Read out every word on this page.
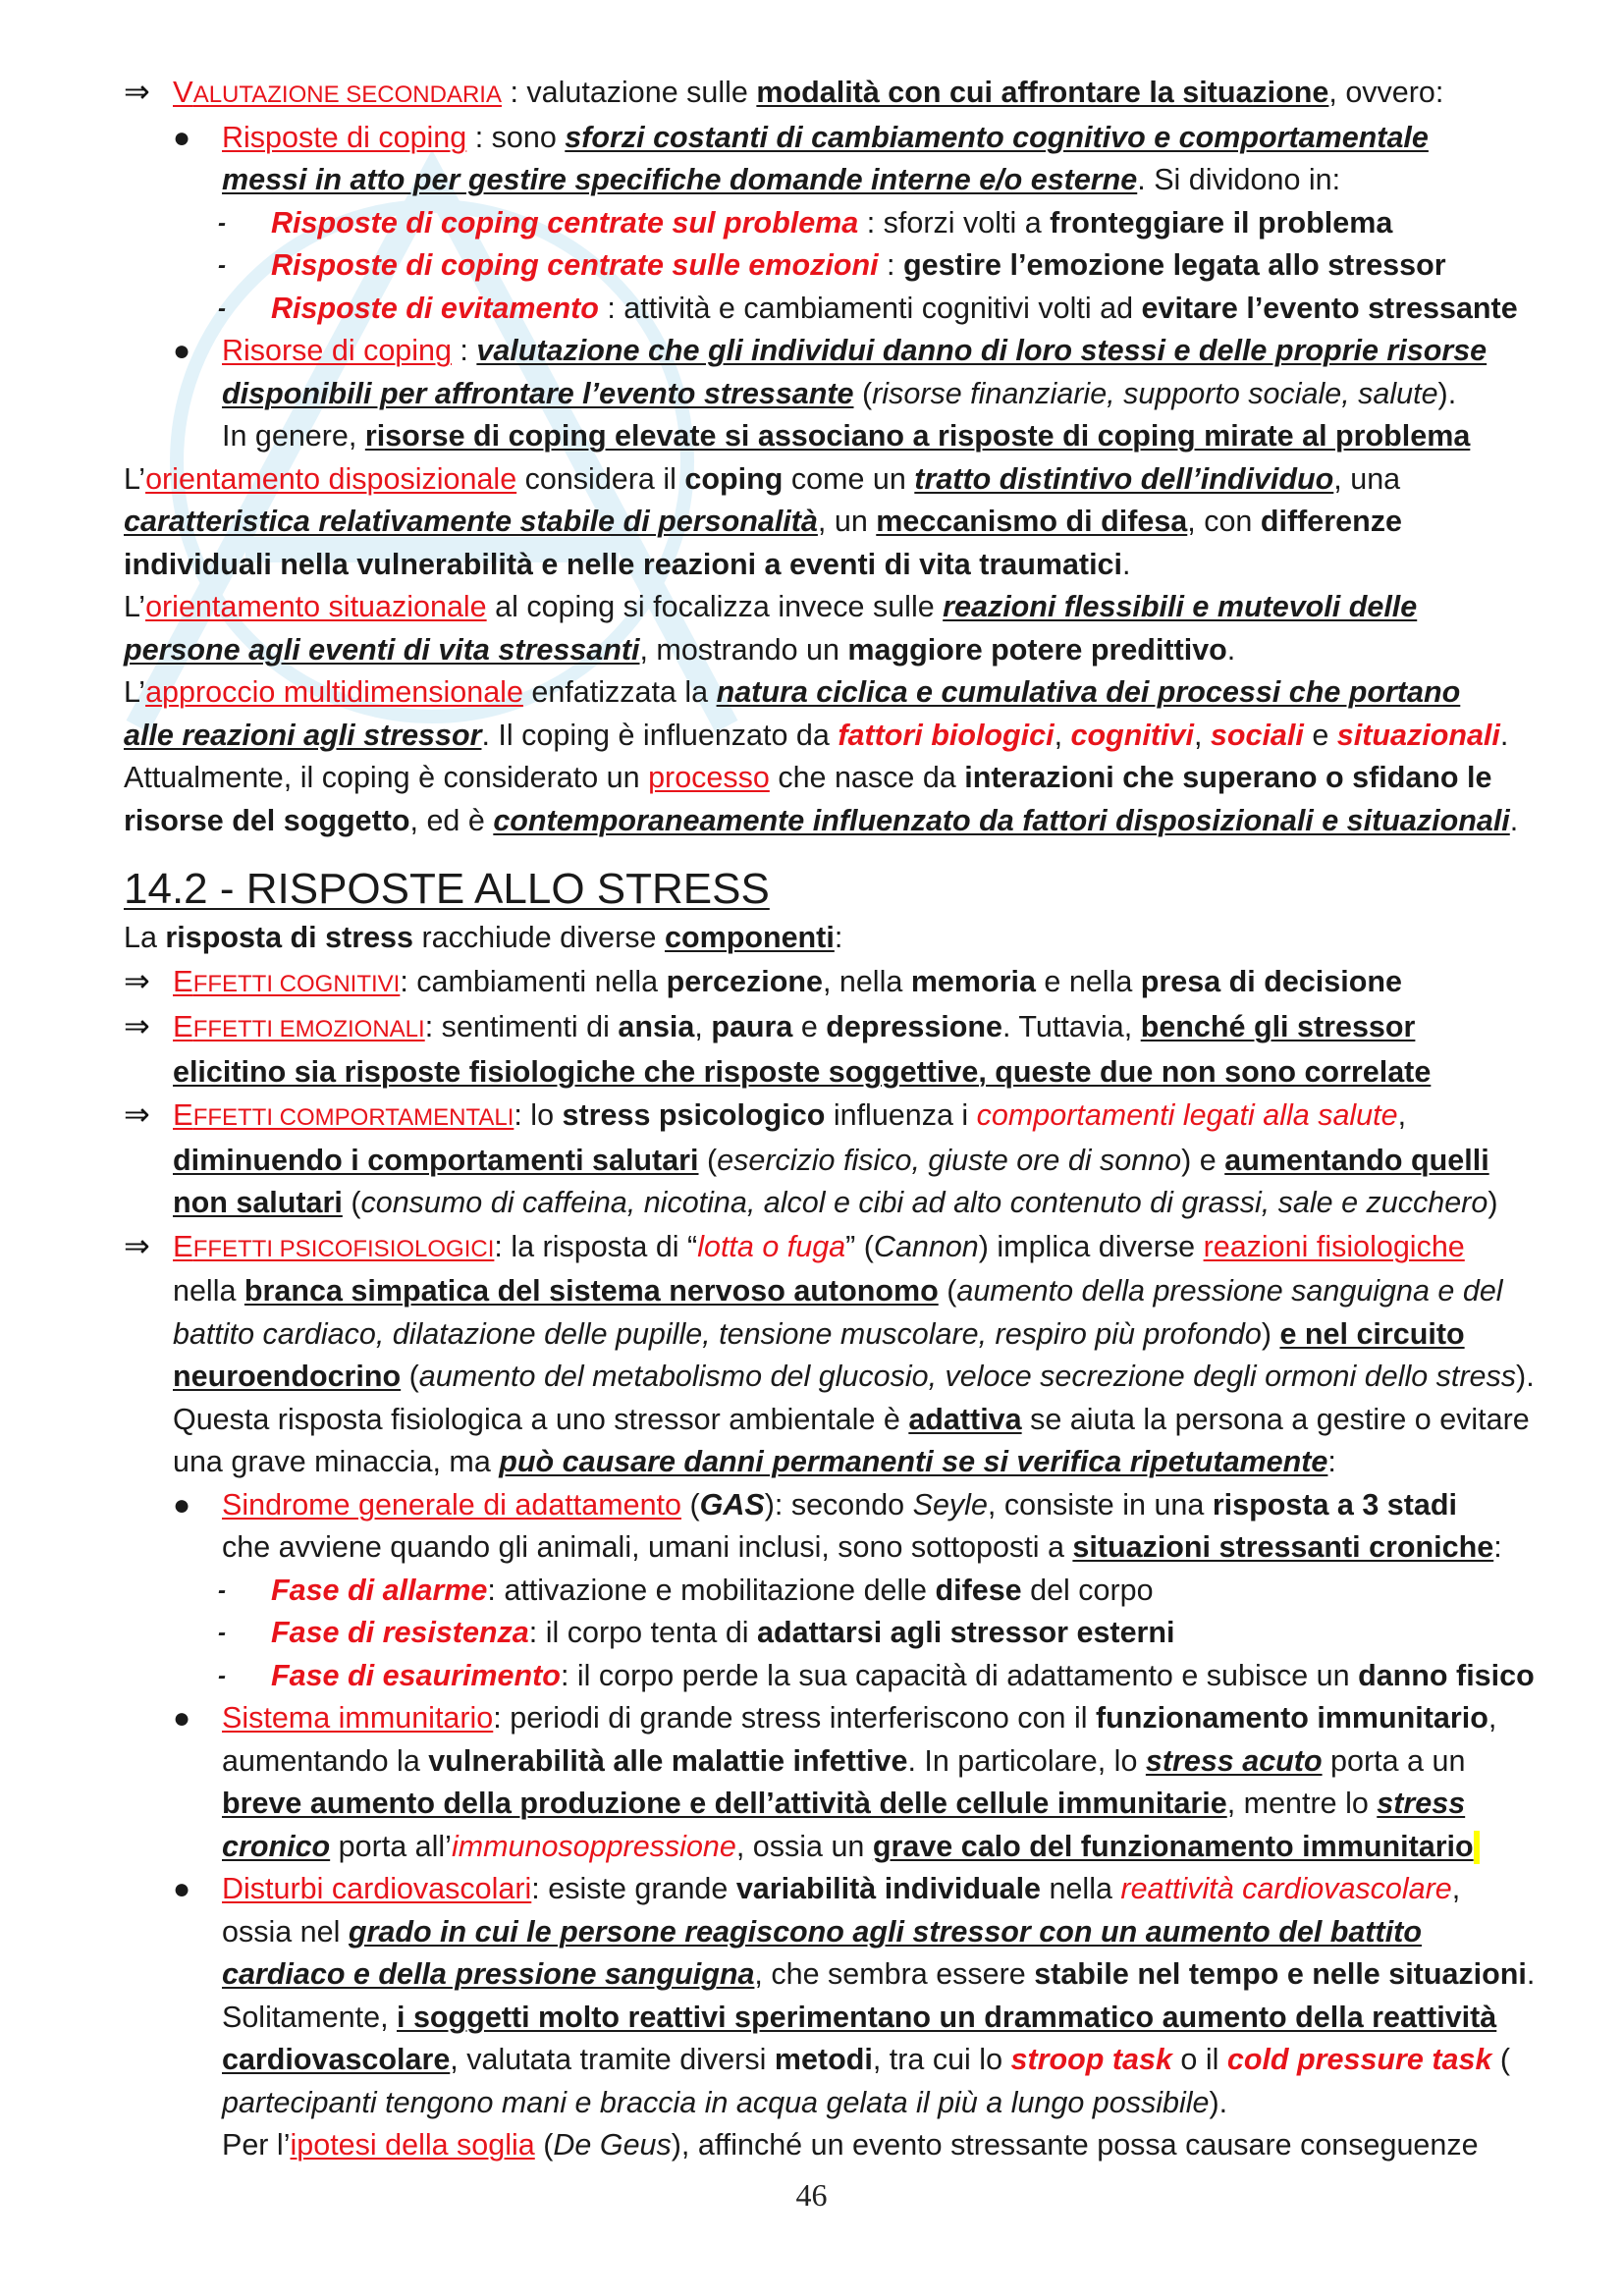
⇒ VALUTAZIONE SECONDARIA : valutazione sulle modalità con cui affrontare la situazione, ovvero:
● Risposte di coping : sono sforzi costanti di cambiamento cognitivo e comportamentale
messi in atto per gestire specifiche domande interne e/o esterne. Si dividono in:
- Risposte di coping centrate sul problema : sforzi volti a fronteggiare il problema
- Risposte di coping centrate sulle emozioni : gestire l’emozione legata allo stressor
- Risposte di evitamento : attività e cambiamenti cognitivi volti ad evitare l’evento stressante
● Risorse di coping : valutazione che gli individui danno di loro stessi e delle proprie risorse
disponibili per affrontare l’evento stressante (risorse finanziarie, supporto sociale, salute).
In genere, risorse di coping elevate si associano a risposte di coping mirate al problema
L’orientamento disposizionale considera il coping come un tratto distintivo dell’individuo, una
caratteristica relativamente stabile di personalità, un meccanismo di difesa, con differenze
individuali nella vulnerabilità e nelle reazioni a eventi di vita traumatici.
L’orientamento situazionale al coping si focalizza invece sulle reazioni flessibili e mutevoli delle
persone agli eventi di vita stressanti, mostrando un maggiore potere predittivo.
L’approccio multidimensionale enfatizzata la natura ciclica e cumulativa dei processi che portano
alle reazioni agli stressor. Il coping è influenzato da fattori biologici, cognitivi, sociali e situazionali.
Attualmente, il coping è considerato un processo che nasce da interazioni che superano o sfidano le
risorse del soggetto, ed è contemporaneamente influenzato da fattori disposizionali e situazionali.
14.2 - RISPOSTE ALLO STRESS
La risposta di stress racchiude diverse componenti:
⇒ EFFETTI COGNITIVI: cambiamenti nella percezione, nella memoria e nella presa di decisione
⇒ EFFETTI EMOZIONALI: sentimenti di ansia, paura e depressione. Tuttavia, benché gli stressor
elicitino sia risposte fisiologiche che risposte soggettive, queste due non sono correlate
⇒ EFFETTI COMPORTAMENTALI: lo stress psicologico influenza i comportamenti legati alla salute,
diminuendo i comportamenti salutari (esercizio fisico, giuste ore di sonno) e aumentando quelli
non salutari (consumo di caffeina, nicotina, alcol e cibi ad alto contenuto di grassi, sale e zucchero)
⇒ EFFETTI PSICOFISIOLOGICI: la risposta di “lotta o fuga” (Cannon) implica diverse reazioni fisiologiche
nella branca simpatica del sistema nervoso autonomo (aumento della pressione sanguigna e del
battito cardiaco, dilatazione delle pupille, tensione muscolare, respiro più profondo) e nel circuito
neuroendocrino (aumento del metabolismo del glucosio, veloce secrezione degli ormoni dello stress).
Questa risposta fisiologica a uno stressor ambientale è adattiva se aiuta la persona a gestire o evitare
una grave minaccia, ma può causare danni permanenti se si verifica ripetutamente:
● Sindrome generale di adattamento (GAS): secondo Seyle, consiste in una risposta a 3 stadi
che avviene quando gli animali, umani inclusi, sono sottoposti a situazioni stressanti croniche:
- Fase di allarme: attivazione e mobilitazione delle difese del corpo
- Fase di resistenza: il corpo tenta di adattarsi agli stressor esterni
- Fase di esaurimento: il corpo perde la sua capacità di adattamento e subisce un danno fisico
● Sistema immunitario: periodi di grande stress interferiscono con il funzionamento immunitario,
aumentando la vulnerabilità alle malattie infettive. In particolare, lo stress acuto porta a un
breve aumento della produzione e dell’attività delle cellule immunitarie, mentre lo stress
cronico porta all’immunosoppressione, ossia un grave calo del funzionamento immunitario
● Disturbi cardiovascolari: esiste grande variabilità individuale nella reattività cardiovascolare,
ossia nel grado in cui le persone reagiscono agli stressor con un aumento del battito
cardiaco e della pressione sanguigna, che sembra essere stabile nel tempo e nelle situazioni.
Solitamente, i soggetti molto reattivi sperimentano un drammatico aumento della reattività
cardiovascolare, valutata tramite diversi metodi, tra cui lo stroop task o il cold pressure task (
partecipanti tengono mani e braccia in acqua gelata il più a lungo possibile).
Per l’ipotesi della soglia (De Geus), affinché un evento stressante possa causare conseguenze
46
